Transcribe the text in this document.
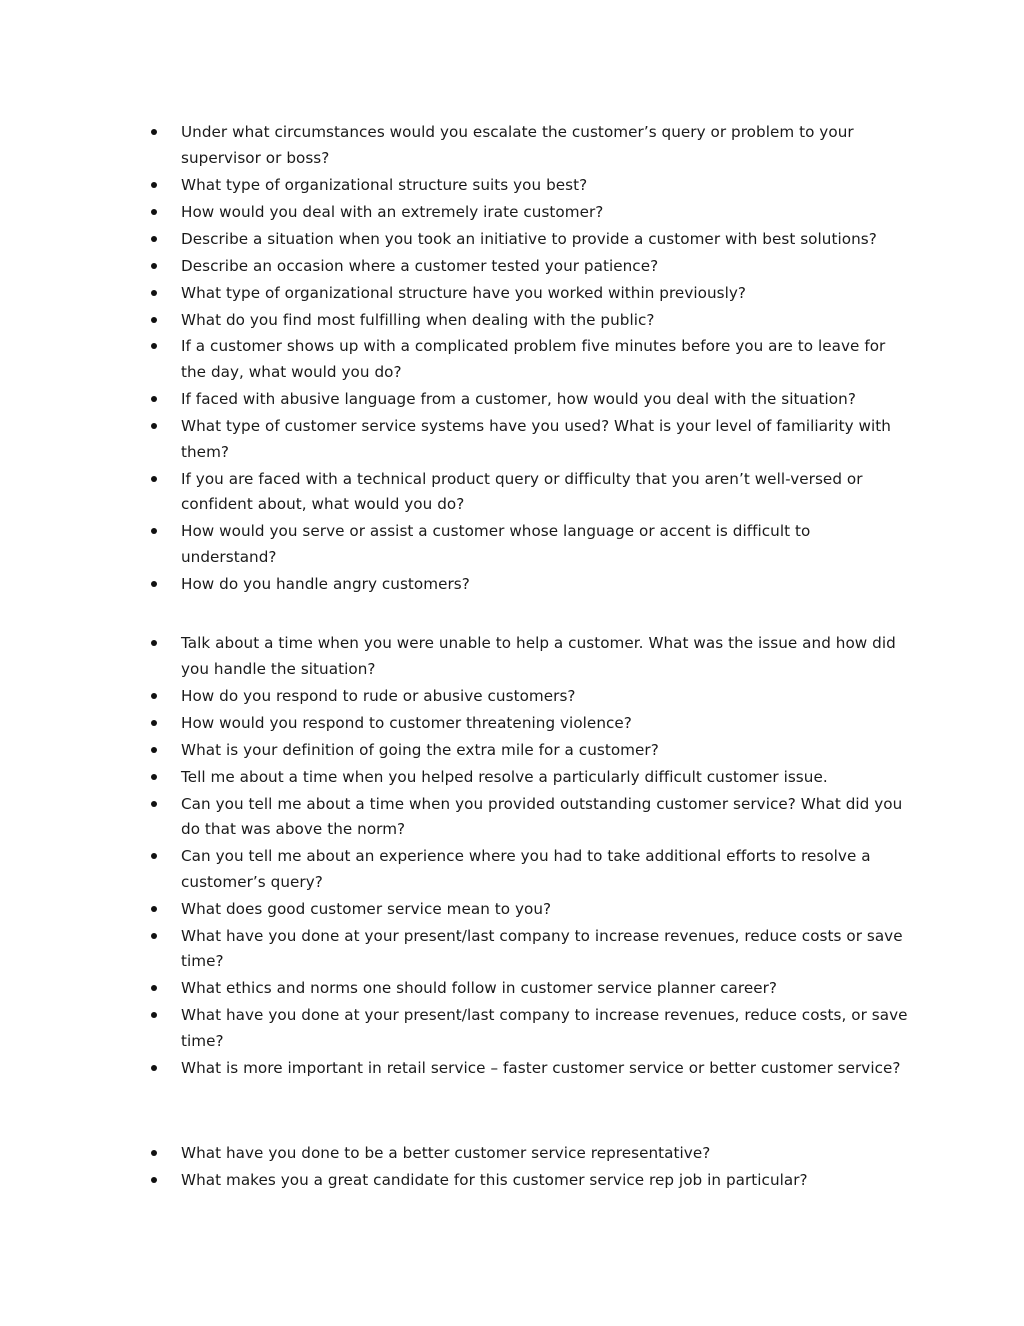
Under what circumstances would you escalate the customer’s query or problem to your supervisor or boss?
What type of organizational structure suits you best?
How would you deal with an extremely irate customer?
Describe a situation when you took an initiative to provide a customer with best solutions?
Describe an occasion where a customer tested your patience?
What type of organizational structure have you worked within previously?
What do you find most fulfilling when dealing with the public?
If a customer shows up with a complicated problem five minutes before you are to leave for the day, what would you do?
If faced with abusive language from a customer, how would you deal with the situation?
What type of customer service systems have you used? What is your level of familiarity with them?
If you are faced with a technical product query or difficulty that you aren’t well-versed or confident about, what would you do?
How would you serve or assist a customer whose language or accent is difficult to understand?
How do you handle angry customers?
Talk about a time when you were unable to help a customer. What was the issue and how did you handle the situation?
How do you respond to rude or abusive customers?
How would you respond to customer threatening violence?
What is your definition of going the extra mile for a customer?
Tell me about a time when you helped resolve a particularly difficult customer issue.
Can you tell me about a time when you provided outstanding customer service? What did you do that was above the norm?
Can you tell me about an experience where you had to take additional efforts to resolve a customer’s query?
What does good customer service mean to you?
What have you done at your present/last company to increase revenues, reduce costs or save time?
What ethics and norms one should follow in customer service planner career?
What have you done at your present/last company to increase revenues, reduce costs, or save time?
What is more important in retail service – faster customer service or better customer service?
What have you done to be a better customer service representative?
What makes you a great candidate for this customer service rep job in particular?
